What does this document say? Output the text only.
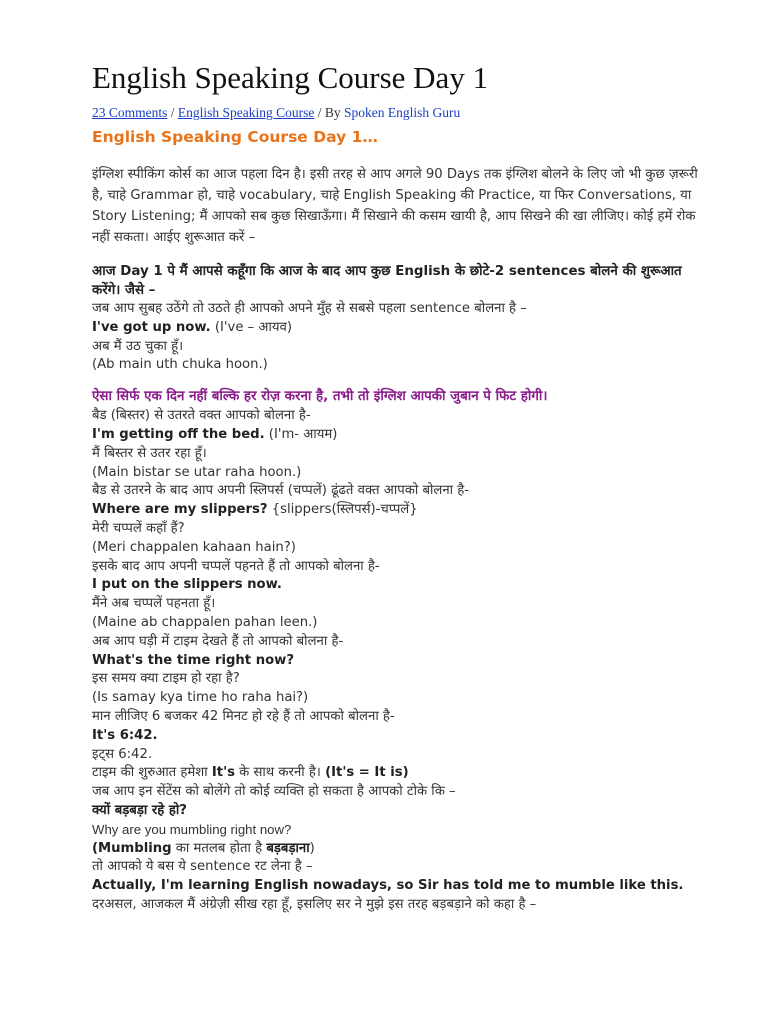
English Speaking Course Day 1
23 Comments / English Speaking Course / By Spoken English Guru
English Speaking Course Day 1…
इंग्लिश स्पीकिंग कोर्स का आज पहला दिन है। इसी तरह से आप अगले 90 Days तक इंग्लिश बोलने के लिए जो भी कुछ ज़रूरी है, चाहे Grammar हो, चाहे vocabulary, चाहे English Speaking की Practice, या फिर Conversations, या Story Listening; मैं आपको सब कुछ सिखाऊँगा। मैं सिखाने की कसम खायी है, आप सिखने की खा लीजिए। कोई हमें रोक नहीं सकता। आईए शुरूआत करें –
आज Day 1 पे मैं आपसे कहूँगा कि आज के बाद आप कुछ English के छोटे-2 sentences बोलने की शुरूआत करेंगे। जैसे –
जब आप सुबह उठेंगे तो उठते ही आपको अपने मुँह से सबसे पहला sentence बोलना है –
I've got up now. (I've – आयव)
अब मैं उठ चुका हूँ।
(Ab main uth chuka hoon.)
ऐसा सिर्फ एक दिन नहीं बल्कि हर रोज़ करना है, तभी तो इंग्लिश आपकी जुबान पे फिट होगी।
बैड (बिस्तर) से उतरते वक्त आपको बोलना है-
I'm getting off the bed. (I'm- आयम)
मैं बिस्तर से उतर रहा हूँ।
(Main bistar se utar raha hoon.)
बैड से उतरने के बाद आप अपनी स्लिपर्स (चप्पलें) ढूंढते वक्त आपको बोलना है-
Where are my slippers? {slippers(स्लिपर्स)-चप्पलें}
मेरी चप्पलें कहाँ हैं?
(Meri chappalen kahaan hain?)
इसके बाद आप अपनी चप्पलें पहनते हैं तो आपको बोलना है-
I put on the slippers now.
मैंने अब चप्पलें पहनता हूँ।
(Maine ab chappalen pahan leen.)
अब आप घड़ी में टाइम देखते हैं तो आपको बोलना है-
What's the time right now?
इस समय क्या टाइम हो रहा है?
(Is samay kya time ho raha hai?)
मान लीजिए 6 बजकर 42 मिनट हो रहे हैं तो आपको बोलना है-
It's 6:42.
इट्स 6:42.
टाइम की शुरुआत हमेशा It's के साथ करनी है। (It's = It is)
जब आप इन सेंटेंस को बोलेंगे तो कोई व्यक्ति हो सकता है आपको टोके कि –
क्यों बड़बड़ा रहे हो?
Why are you mumbling right now?
(Mumbling का मतलब होता है बड़बड़ाना)
तो आपको ये बस ये sentence रट लेना है –
Actually, I'm learning English nowadays, so Sir has told me to mumble like this.
दरअसल, आजकल मैं अंग्रेज़ी सीख रहा हूँ, इसलिए सर ने मुझे इस तरह बड़बड़ाने को कहा है –
